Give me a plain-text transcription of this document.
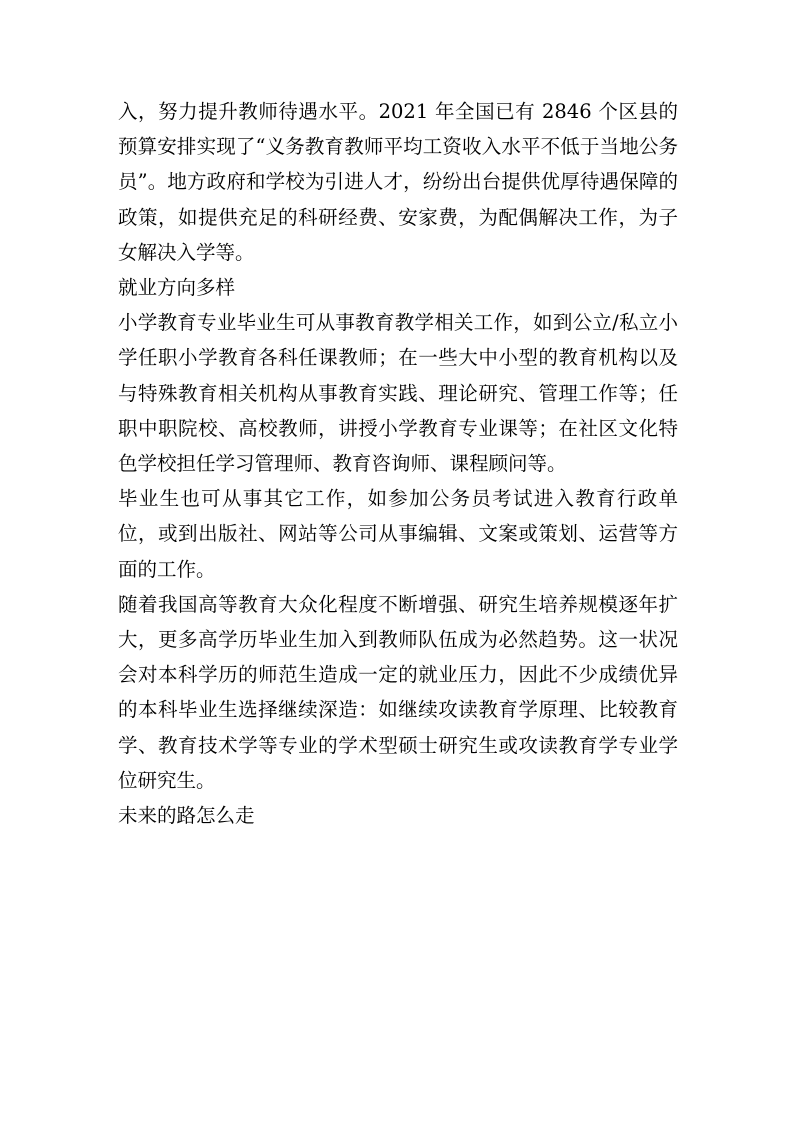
入，努力提升教师待遇水平。2021 年全国已有 2846 个区县的预算安排实现了“义务教育教师平均工资收入水平不低于当地公务员”。地方政府和学校为引进人才，纷纷出台提供优厚待遇保障的政策，如提供充足的科研经费、安家费，为配偶解决工作，为子女解决入学等。

就业方向多样

小学教育专业毕业生可从事教育教学相关工作，如到公立/私立小学任职小学教育各科任课教师；在一些大中小型的教育机构以及与特殊教育相关机构从事教育实践、理论研究、管理工作等；任职中职院校、高校教师，讲授小学教育专业课等；在社区文化特色学校担任学习管理师、教育咨询师、课程顾问等。

毕业生也可从事其它工作，如参加公务员考试进入教育行政单位，或到出版社、网站等公司从事编辑、文案或策划、运营等方面的工作。

随着我国高等教育大众化程度不断增强、研究生培养规模逐年扩大，更多高学历毕业生加入到教师队伍成为必然趋势。这一状况会对本科学历的师范生造成一定的就业压力，因此不少成绩优异的本科毕业生选择继续深造：如继续攻读教育学原理、比较教育学、教育技术学等专业的学术型硕士研究生或攻读教育学专业学位研究生。

未来的路怎么走
